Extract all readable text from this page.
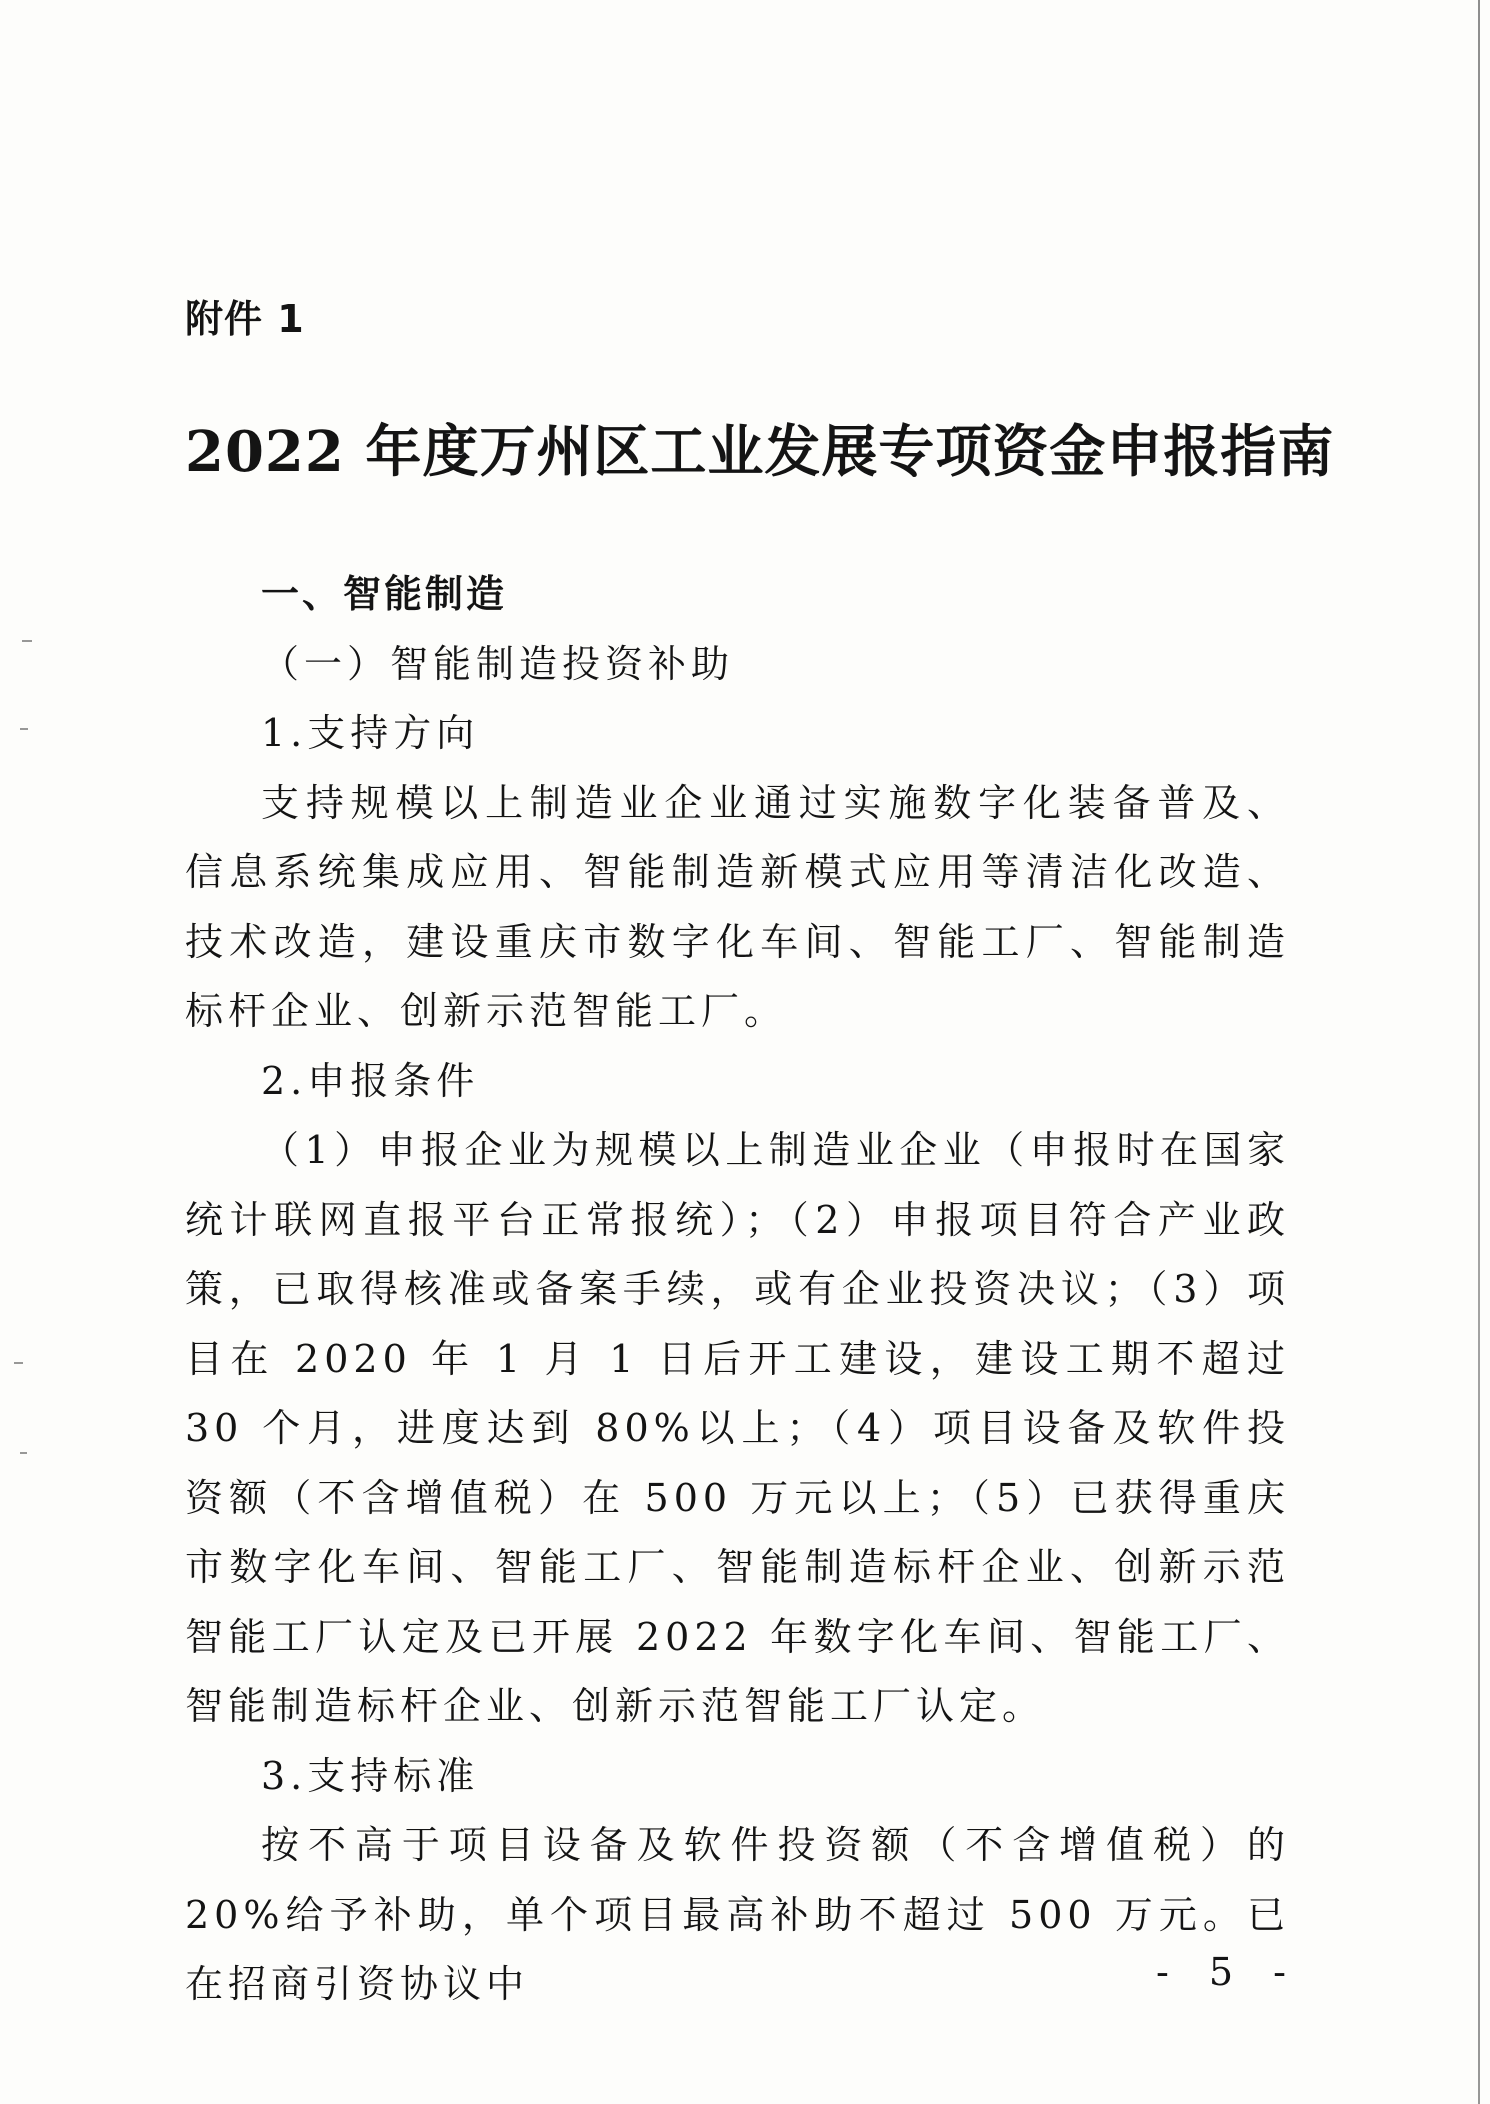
附件 1
2022 年度万州区工业发展专项资金申报指南

一、智能制造

（一）智能制造投资补助

1.支持方向

支持规模以上制造业企业通过实施数字化装备普及、信息系统集成应用、智能制造新模式应用等清洁化改造、技术改造，建设重庆市数字化车间、智能工厂、智能制造标杆企业、创新示范智能工厂。

2.申报条件

（1）申报企业为规模以上制造业企业（申报时在国家统计联网直报平台正常报统）；（2）申报项目符合产业政策，已取得核准或备案手续，或有企业投资决议；（3）项目在 2020 年 1 月 1 日后开工建设，建设工期不超过 30 个月，进度达到 80%以上；（4）项目设备及软件投资额（不含增值税）在 500 万元以上；（5）已获得重庆市数字化车间、智能工厂、智能制造标杆企业、创新示范智能工厂认定及已开展 2022 年数字化车间、智能工厂、智能制造标杆企业、创新示范智能工厂认定。

3.支持标准

按不高于项目设备及软件投资额（不含增值税）的 20%给予补助，单个项目最高补助不超过 500 万元。已在招商引资协议中	- 5 -
